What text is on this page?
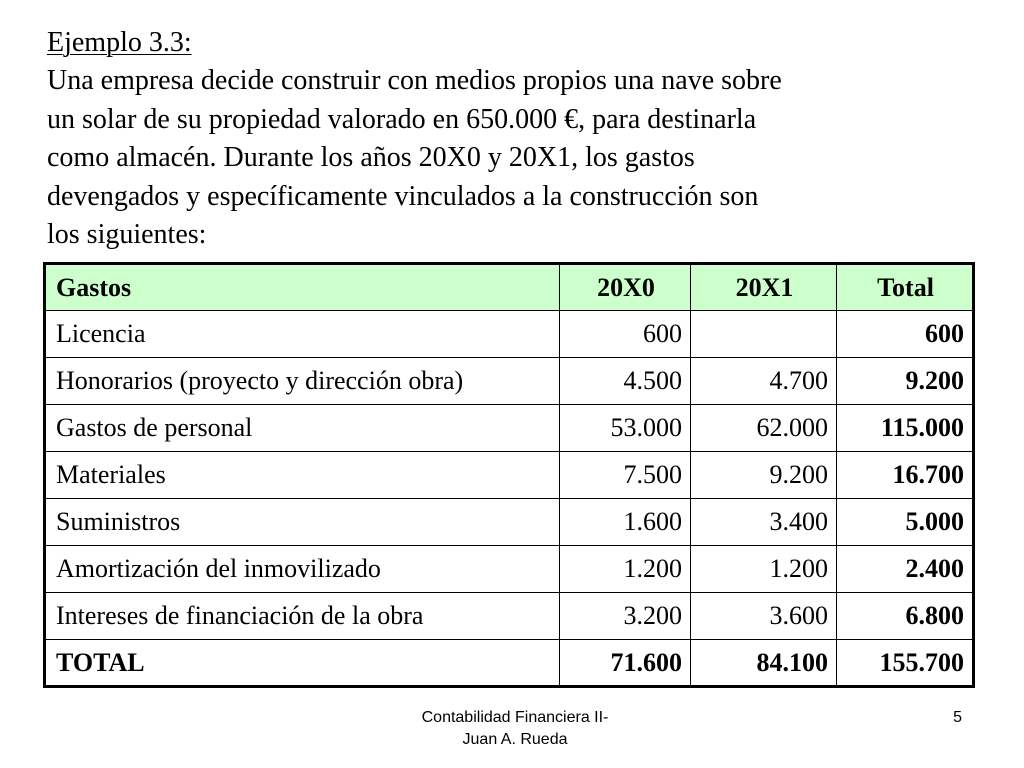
Ejemplo 3.3:

Una empresa decide construir con medios propios una nave sobre
un solar de su propiedad valorado en 650.000 €, para destinarla
como almacén. Durante los años 20X0 y 20X1, los gastos
devengados y específicamente vinculados a la construcción son
los siguientes:

Gastos	20X0	20X1	Total
Licencia	600		600
Honorarios (proyecto y dirección obra)	4.500	4.700	9.200
Gastos de personal	53.000	62.000	115.000
Materiales	7.500	9.200	16.700
Suministros	1.600	3.400	5.000
Amortización del inmovilizado	1.200	1.200	2.400
Intereses de financiación de la obra	3.200	3.600	6.800
TOTAL	71.600	84.100	155.700
Contabilidad Financiera II-
Juan A. Rueda
5
